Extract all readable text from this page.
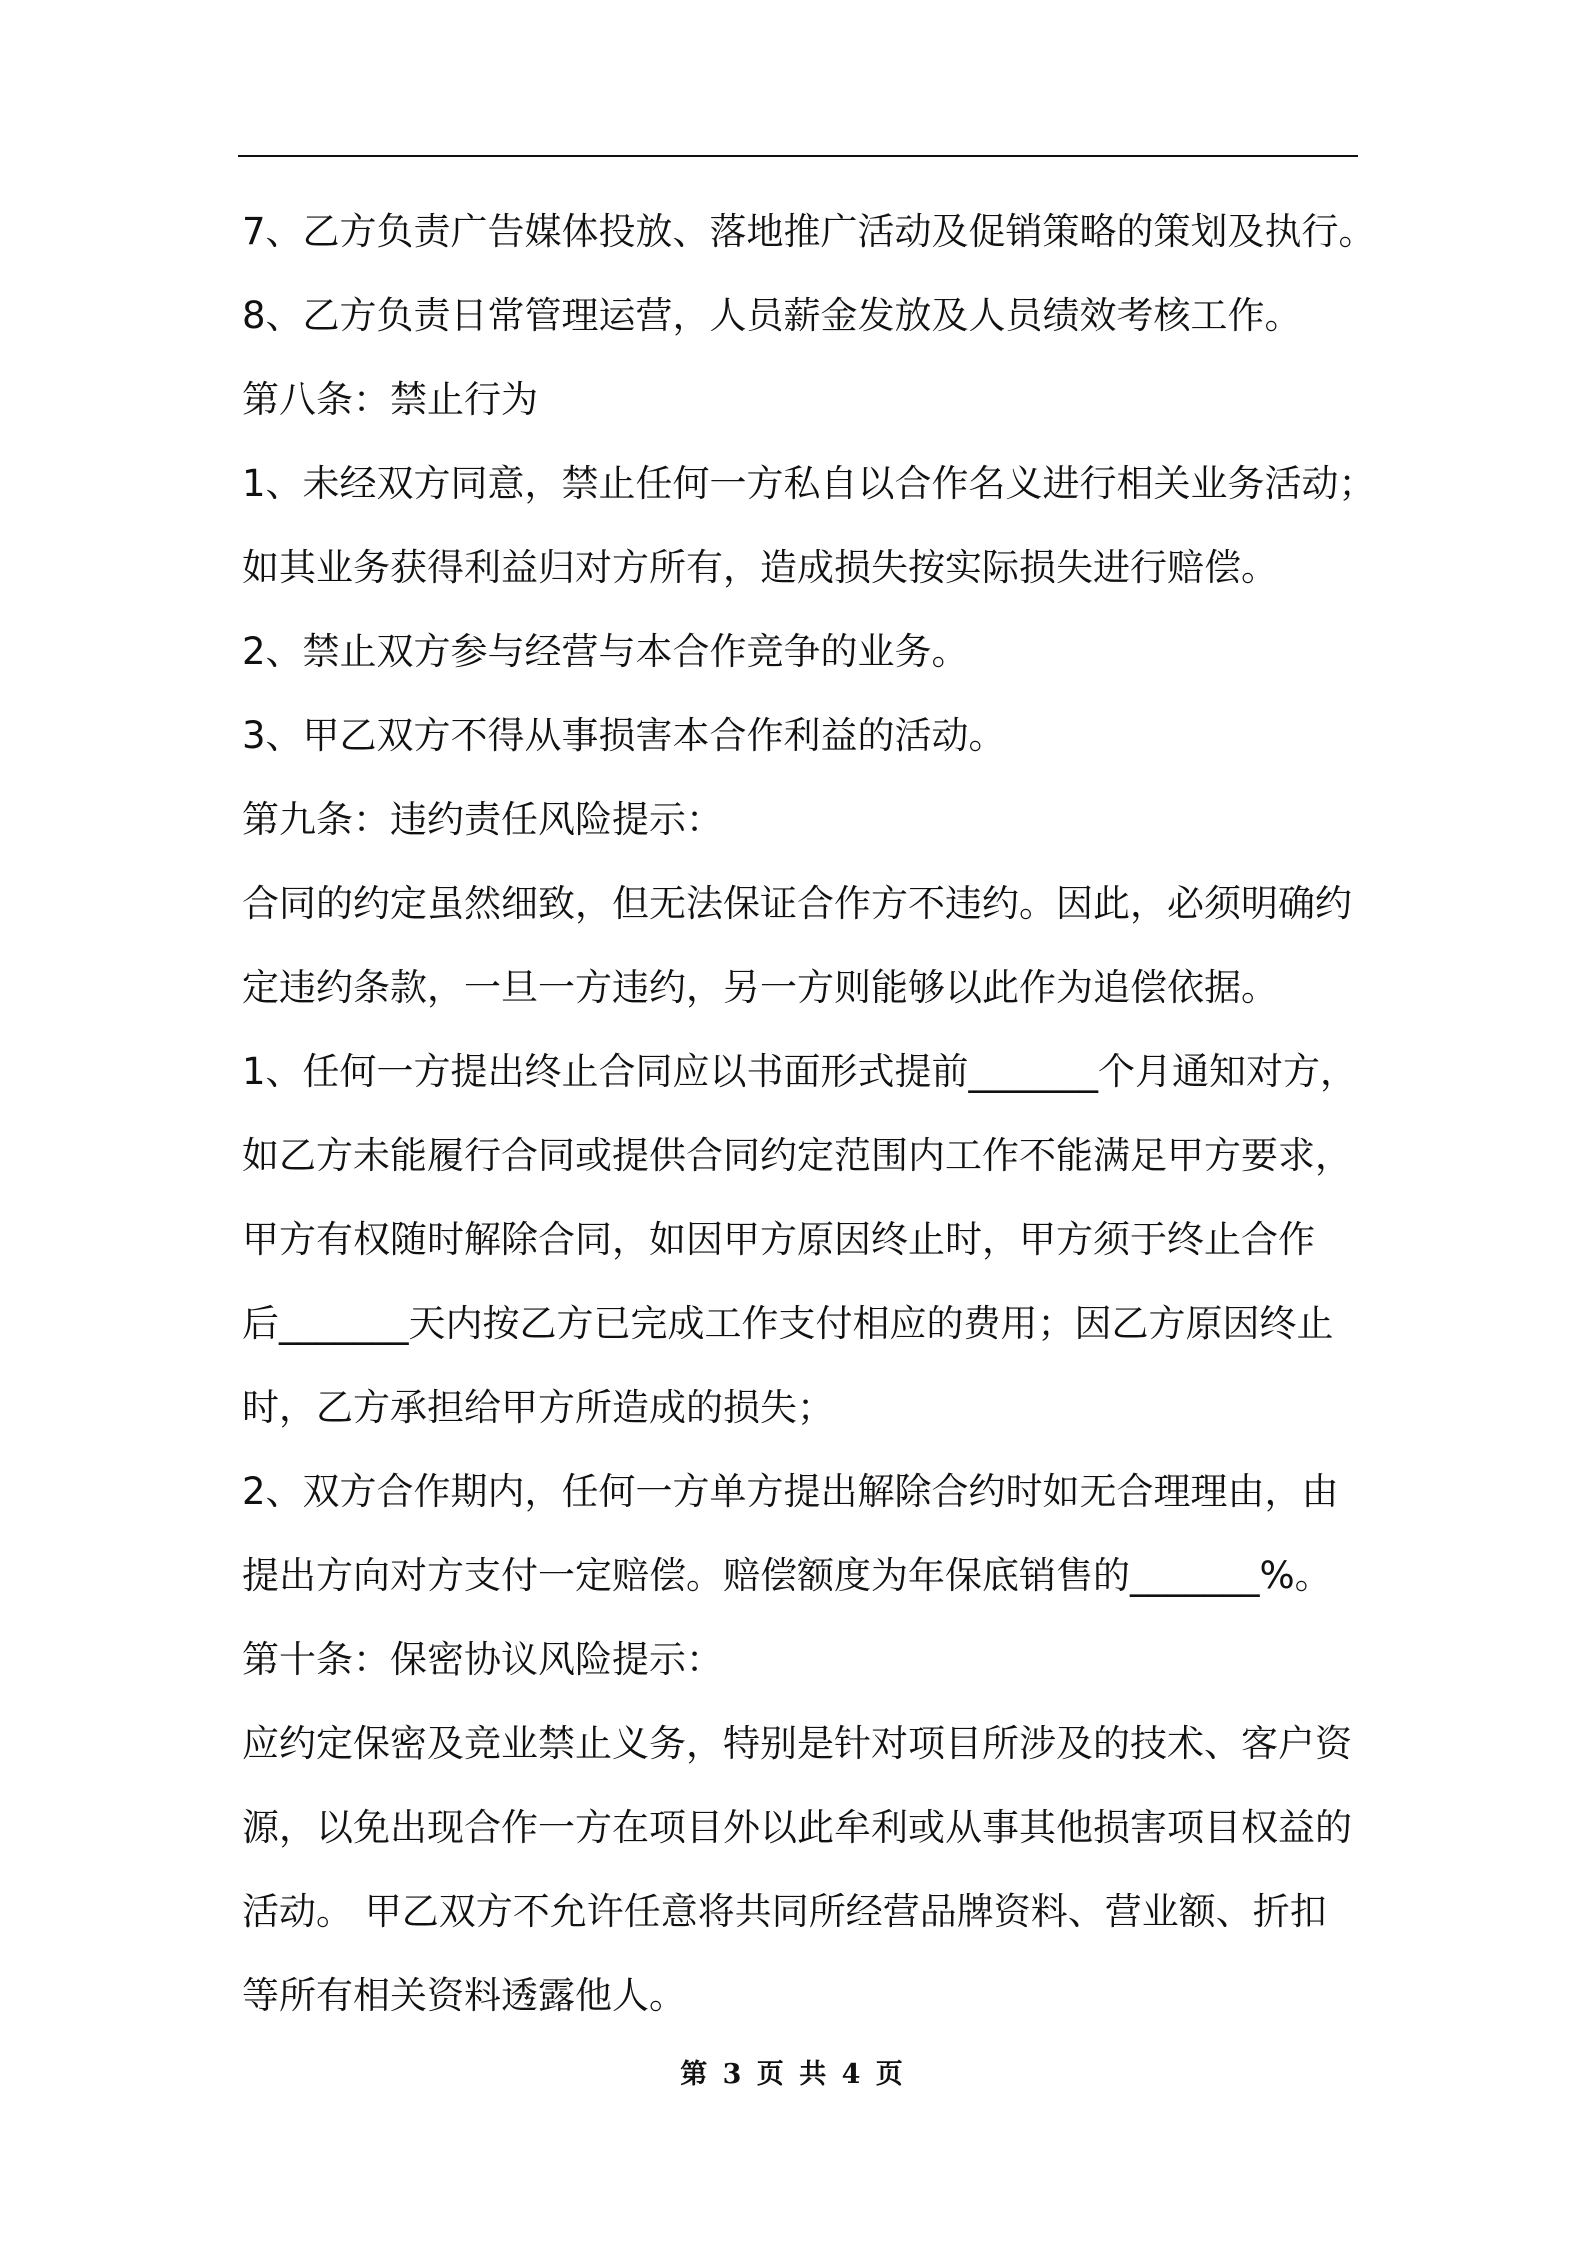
7、乙方负责广告媒体投放、落地推广活动及促销策略的策划及执行。
8、乙方负责日常管理运营，人员薪金发放及人员绩效考核工作。
第八条：禁止行为
1、未经双方同意，禁止任何一方私自以合作名义进行相关业务活动；
如其业务获得利益归对方所有，造成损失按实际损失进行赔偿。
2、禁止双方参与经营与本合作竞争的业务。
3、甲乙双方不得从事损害本合作利益的活动。
第九条：违约责任风险提示：
合同的约定虽然细致，但无法保证合作方不违约。因此，必须明确约
定违约条款，一旦一方违约，另一方则能够以此作为追偿依据。
1、任何一方提出终止合同应以书面形式提前_______个月通知对方，
如乙方未能履行合同或提供合同约定范围内工作不能满足甲方要求，
甲方有权随时解除合同，如因甲方原因终止时，甲方须于终止合作
后_______天内按乙方已完成工作支付相应的费用；因乙方原因终止
时，乙方承担给甲方所造成的损失；
2、双方合作期内，任何一方单方提出解除合约时如无合理理由，由
提出方向对方支付一定赔偿。赔偿额度为年保底销售的_______%。
第十条：保密协议风险提示：
应约定保密及竞业禁止义务，特别是针对项目所涉及的技术、客户资
源，以免出现合作一方在项目外以此牟利或从事其他损害项目权益的
活动。 甲乙双方不允许任意将共同所经营品牌资料、营业额、折扣
等所有相关资料透露他人。
第 3 页 共 4 页
